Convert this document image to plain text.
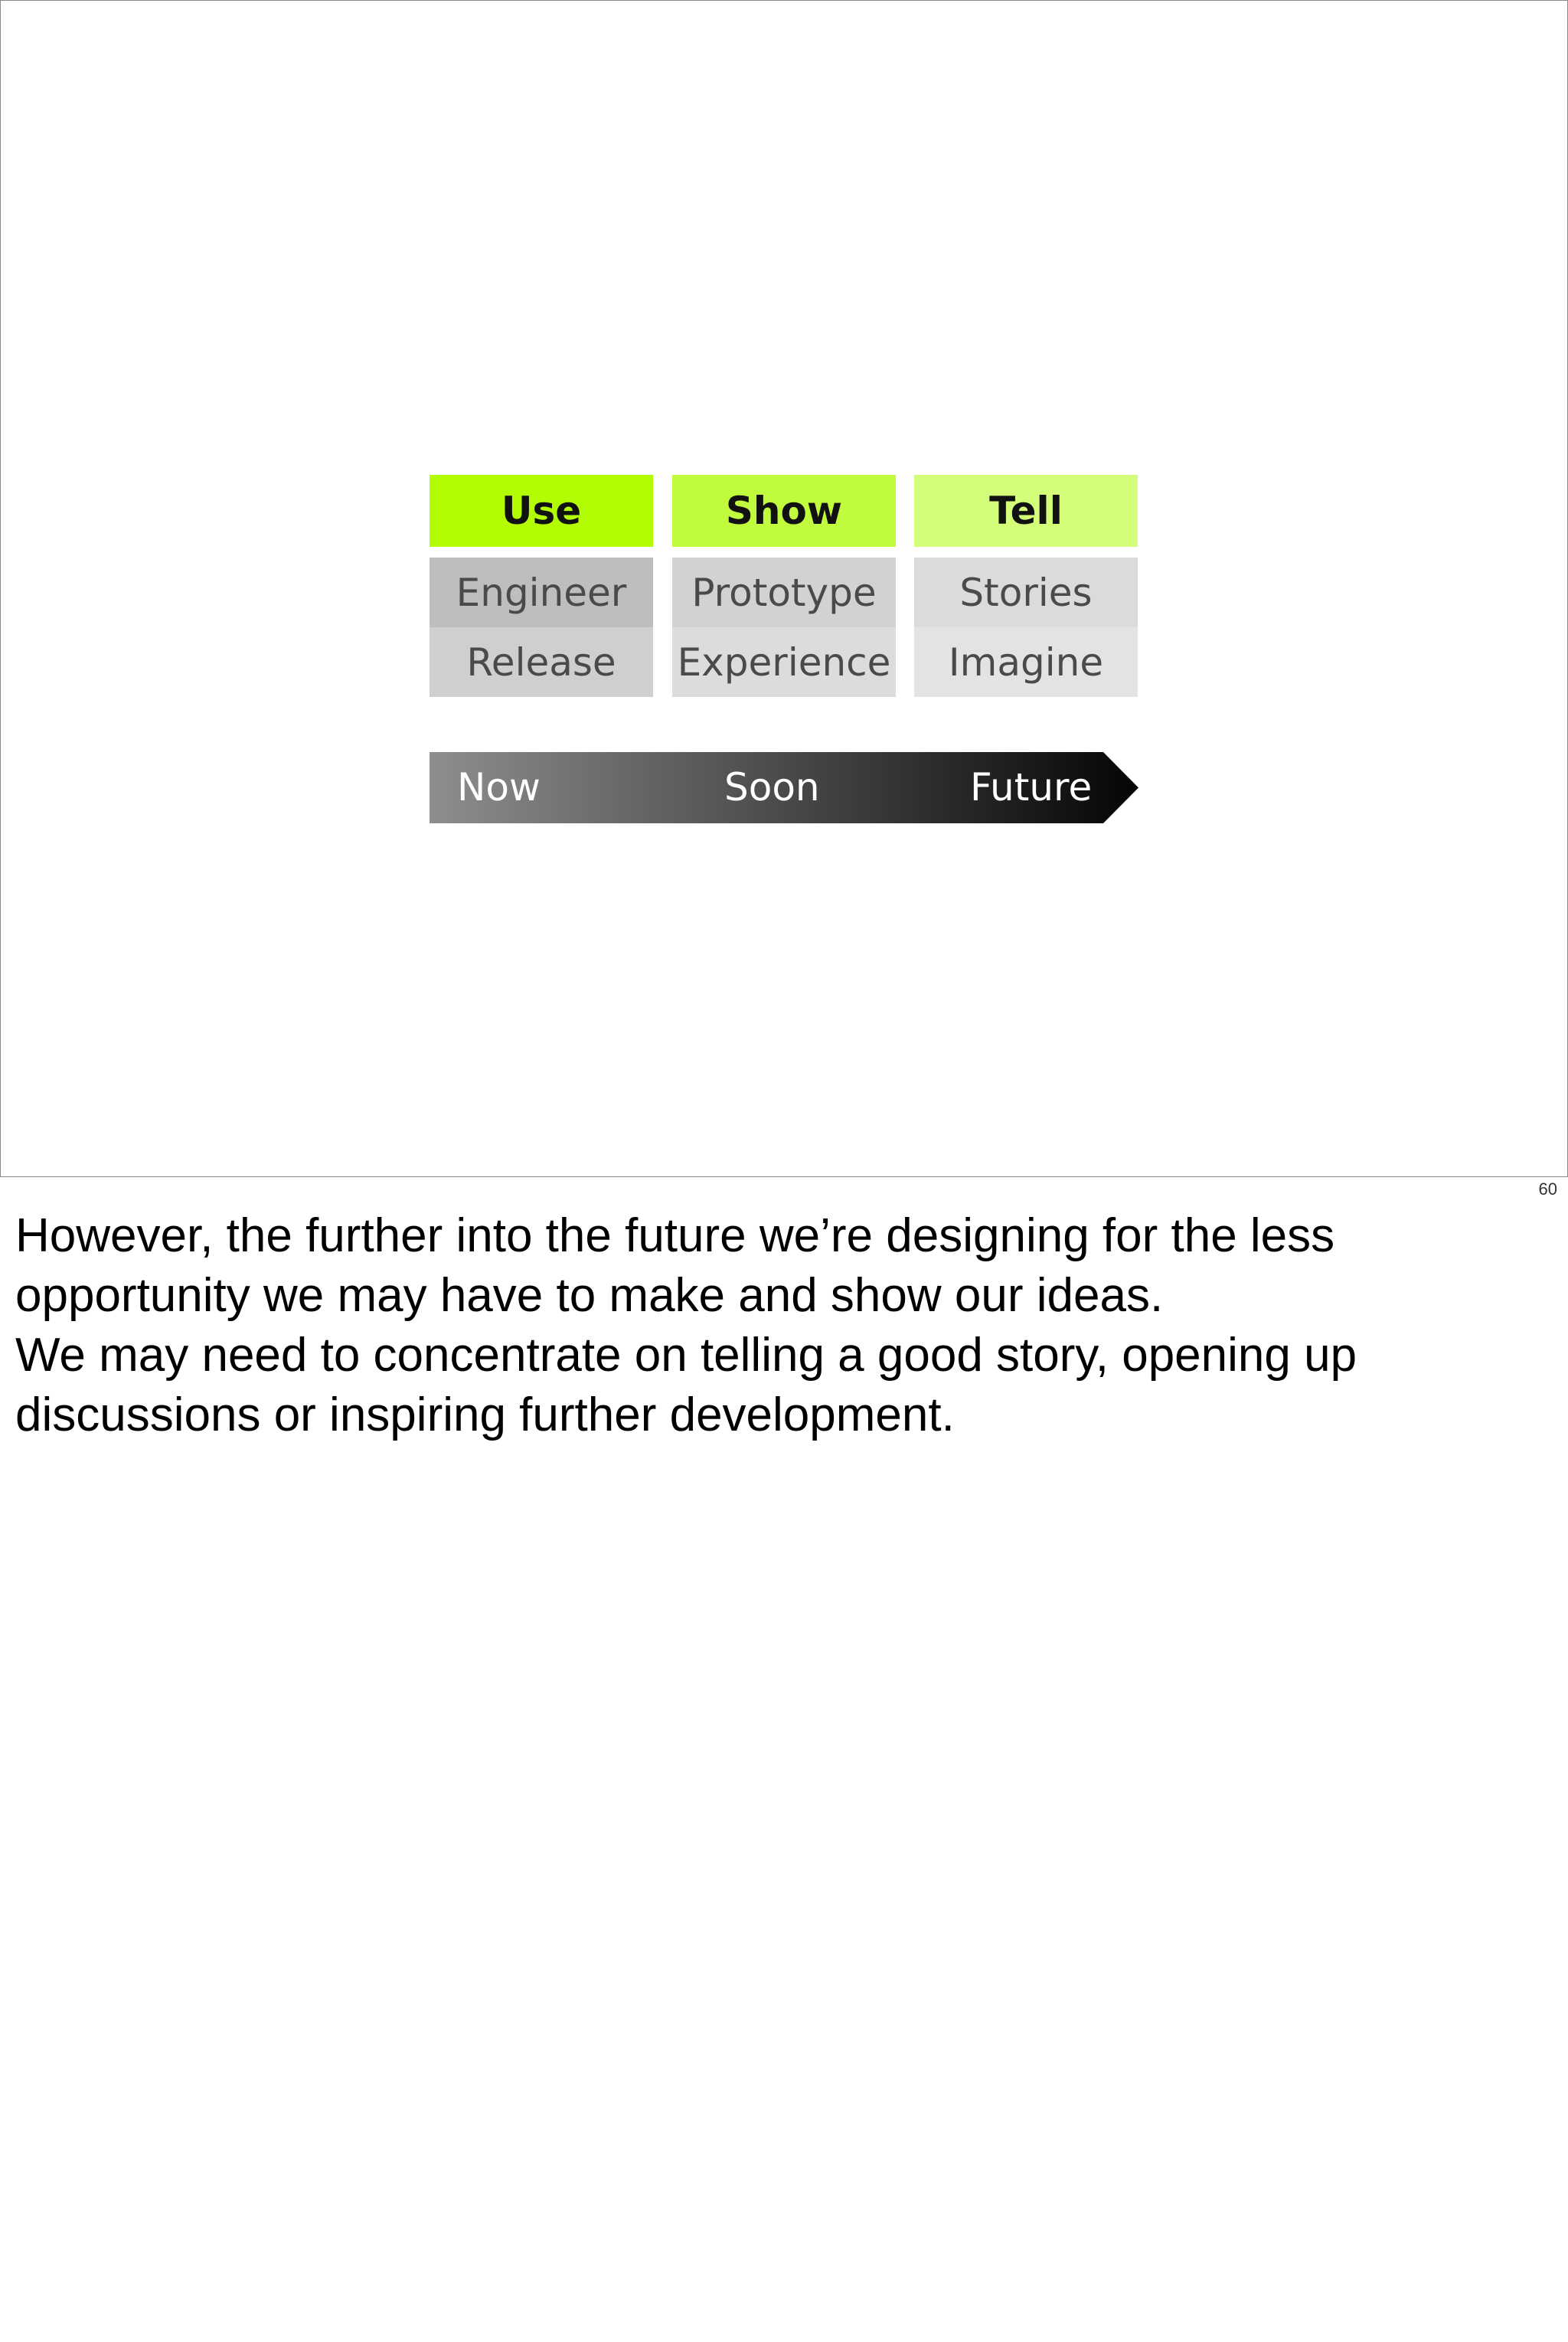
Use
Engineer
Release
Show
Prototype
Experience
Tell
Stories
Imagine
Now	Soon	Future
60

However, the further into the future we’re designing for the less opportunity we may have to make and show our ideas.

We may need to concentrate on telling a good story, opening up discussions or inspiring further development.
